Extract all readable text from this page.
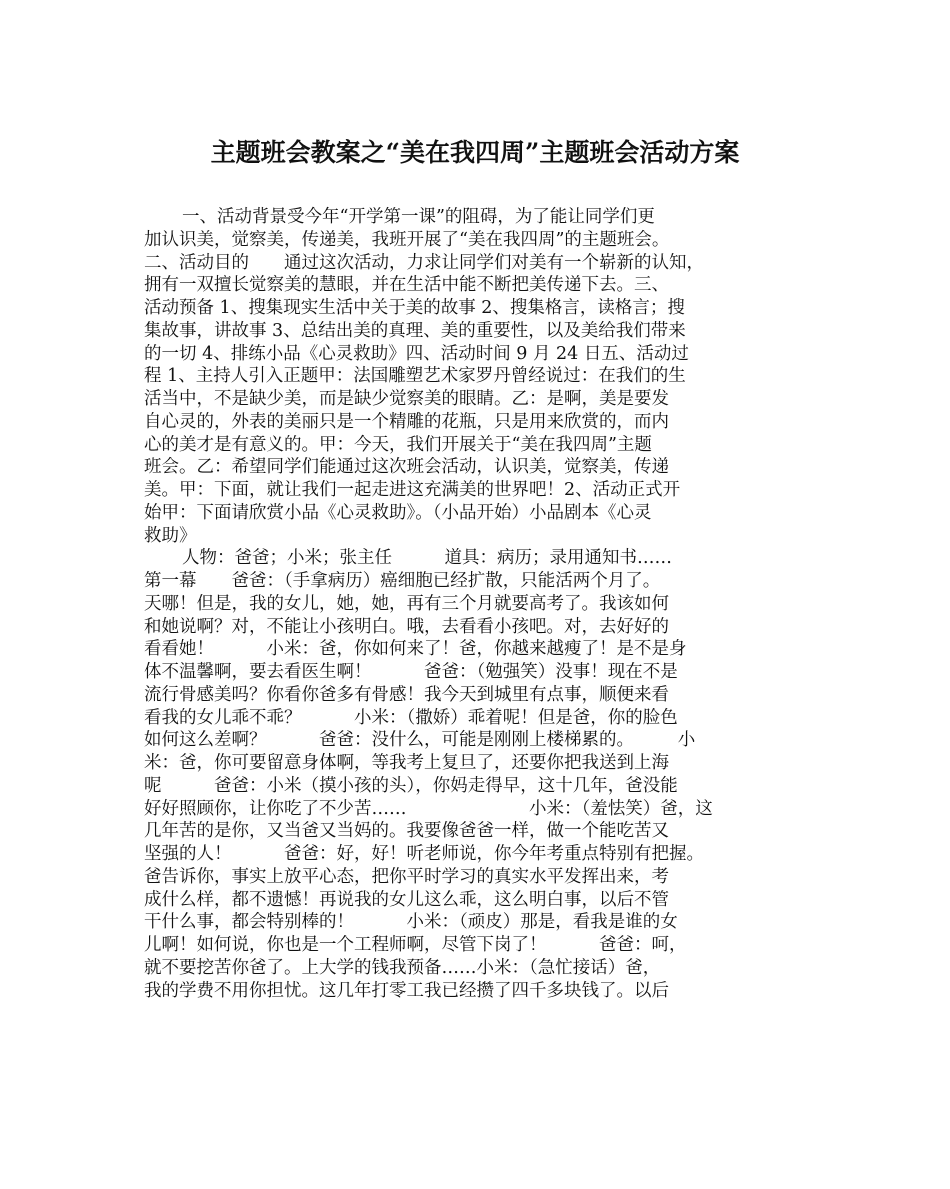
主题班会教案之“美在我四周”主题班会活动方案
一、活动背景受今年“开学第一课”的阻碍，为了能让同学们更
加认识美，觉察美，传递美，我班开展了“美在我四周”的主题班会。
二、活动目的　　通过这次活动，力求让同学们对美有一个崭新的认知，
拥有一双擅长觉察美的慧眼，并在生活中能不断把美传递下去。三、
活动预备 1、搜集现实生活中关于美的故事 2、搜集格言，读格言；搜
集故事，讲故事 3、总结出美的真理、美的重要性，以及美给我们带来
的一切 4、排练小品《心灵救助》四、活动时间 9 月 24 日五、活动过
程 1、主持人引入正题甲：法国雕塑艺术家罗丹曾经说过：在我们的生
活当中，不是缺少美，而是缺少觉察美的眼睛。乙：是啊，美是要发
自心灵的，外表的美丽只是一个精雕的花瓶，只是用来欣赏的，而内
心的美才是有意义的。甲：今天，我们开展关于“美在我四周”主题
班会。乙：希望同学们能通过这次班会活动，认识美，觉察美，传递
美。甲：下面，就让我们一起走进这充满美的世界吧！2、活动正式开
始甲：下面请欣赏小品《心灵救助》。（小品开始）小品剧本《心灵
救助》
人物：爸爸；小米；张主任　　　道具：病历；录用通知书……
第一幕　　爸爸：（手拿病历）癌细胞已经扩散，只能活两个月了。
天哪！但是，我的女儿，她，她，再有三个月就要高考了。我该如何
和她说啊？对，不能让小孩明白。哦，去看看小孩吧。对，去好好的
看看她！　　　小米：爸，你如何来了！爸，你越来越瘦了！是不是身
体不温馨啊，要去看医生啊！　　　爸爸：（勉强笑）没事！现在不是
流行骨感美吗？你看你爸多有骨感！我今天到城里有点事，顺便来看
看我的女儿乖不乖？　　　小米：（撒娇）乖着呢！但是爸，你的脸色
如何这么差啊？　　　爸爸：没什么，可能是刚刚上楼梯累的。　　　小
米：爸，你可要留意身体啊，等我考上复旦了，还要你把我送到上海
呢　　　爸爸：小米（摸小孩的头），你妈走得早，这十几年，爸没能
好好照顾你，让你吃了不少苦……　　　　　　　小米：（羞怯笑）爸，这
几年苦的是你，又当爸又当妈的。我要像爸爸一样，做一个能吃苦又
坚强的人！　　　爸爸：好，好！听老师说，你今年考重点特别有把握。
爸告诉你，事实上放平心态，把你平时学习的真实水平发挥出来，考
成什么样，都不遗憾！再说我的女儿这么乖，这么明白事，以后不管
干什么事，都会特别棒的！　　　小米：（顽皮）那是，看我是谁的女
儿啊！如何说，你也是一个工程师啊，尽管下岗了！　　　爸爸：呵，
就不要挖苦你爸了。上大学的钱我预备……小米：（急忙接话）爸，
我的学费不用你担忧。这几年打零工我已经攒了四千多块钱了。以后
